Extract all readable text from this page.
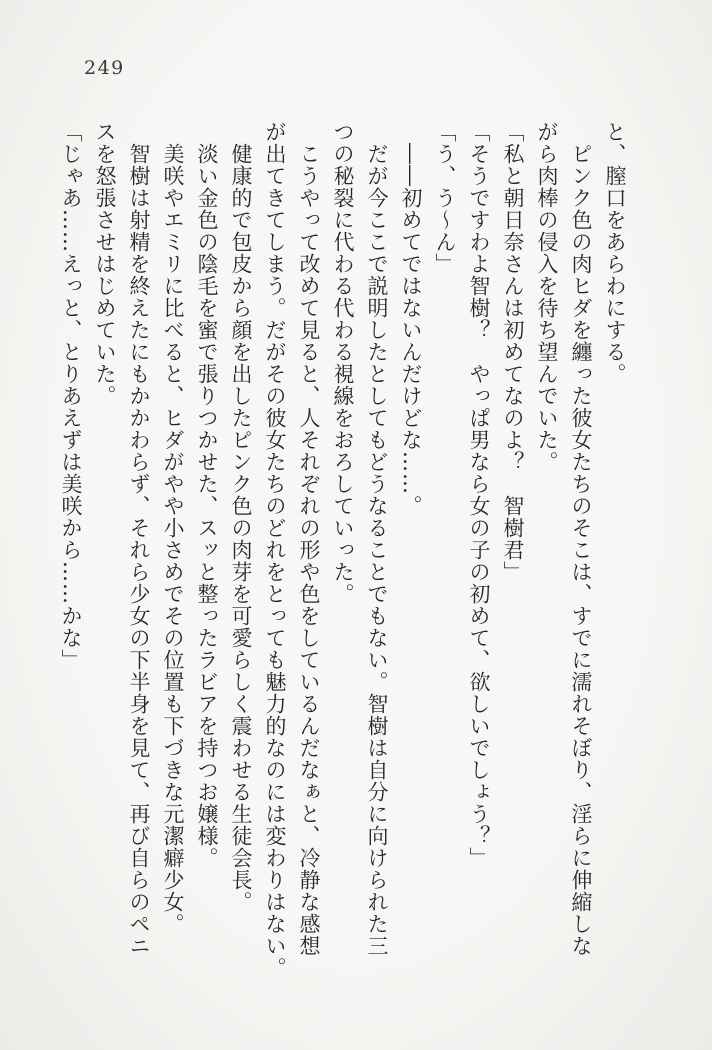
249
と、膣口をあらわにする。
　ピンク色の肉ヒダを纏った彼女たちのそこは、すでに濡れそぼり、淫らに伸縮しな
がら肉棒の侵入を待ち望んでいた。
「私と朝日奈さんは初めてなのよ？　智樹君」
「そうですわよ智樹？　やっぱ男なら女の子の初めて、欲しいでしょう？」
「う、う〜ん」
　――初めてではないんだけどな……。
　だが今ここで説明したとしてもどうなることでもない。智樹は自分に向けられた三
つの秘裂に代わる代わる視線をおろしていった。
　こうやって改めて見ると、人それぞれの形や色をしているんだなぁと、冷静な感想
が出てきてしまう。だがその彼女たちのどれをとっても魅力的なのには変わりはない。
　健康的で包皮から顔を出したピンク色の肉芽を可愛らしく震わせる生徒会長。
　淡い金色の陰毛を蜜で張りつかせた、スッと整ったラビアを持つお嬢様。
　美咲やエミリに比べると、ヒダがやや小さめでその位置も下づきな元潔癖少女。
　智樹は射精を終えたにもかかわらず、それら少女の下半身を見て、再び自らのペニ
スを怒張させはじめていた。
「じゃあ……えっと、とりあえずは美咲から……かな」
